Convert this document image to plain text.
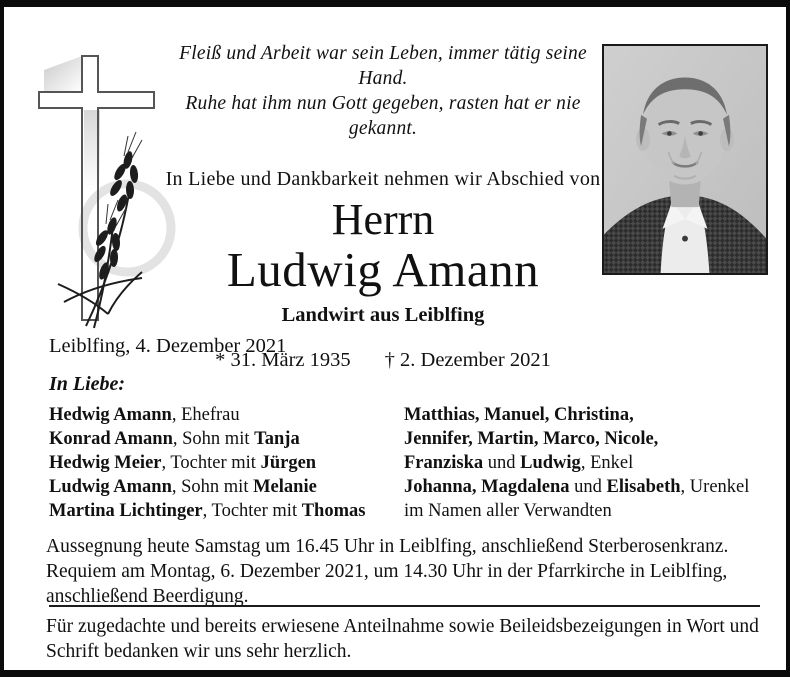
Fleiß und Arbeit war sein Leben, immer tätig seine Hand.
Ruhe hat ihm nun Gott gegeben, rasten hat er nie gekannt.
In Liebe und Dankbarkeit nehmen wir Abschied von
Herrn
Ludwig Amann
Landwirt aus Leiblfing
* 31. März 1935 † 2. Dezember 2021
Leiblfing, 4. Dezember 2021
In Liebe:
Hedwig Amann, Ehefrau
Konrad Amann, Sohn mit Tanja
Hedwig Meier, Tochter mit Jürgen
Ludwig Amann, Sohn mit Melanie
Martina Lichtinger, Tochter mit Thomas
Matthias, Manuel, Christina,
Jennifer, Martin, Marco, Nicole,
Franziska und Ludwig, Enkel
Johanna, Magdalena und Elisabeth, Urenkel
im Namen aller Verwandten
Aussegnung heute Samstag um 16.45 Uhr in Leiblfing, anschließend Sterberosenkranz. Requiem am Montag, 6. Dezember 2021, um 14.30 Uhr in der Pfarrkirche in Leiblfing, anschließend Beerdigung.
Für zugedachte und bereits erwiesene Anteilnahme sowie Beileidsbezeigungen in Wort und Schrift bedanken wir uns sehr herzlich.
